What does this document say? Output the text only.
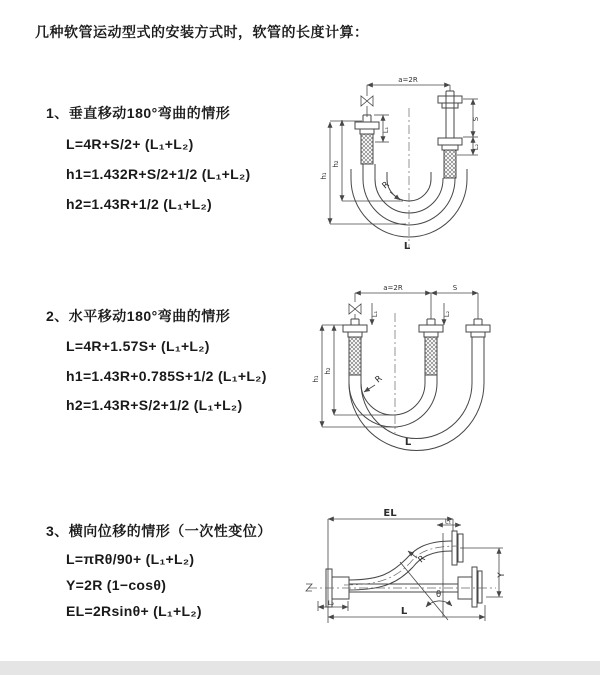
几种软管运动型式的安装方式时，软管的长度计算：
1、垂直移动180°弯曲的情形
L=4R+S/2+ (L₁+L₂)
h1=1.432R+S/2+1/2 (L₁+L₂)
h2=1.43R+1/2 (L₁+L₂)
a=2R
R
h₁
h₂
L₁
S
L₂
L
2、水平移动180°弯曲的情形
L=4R+1.57S+ (L₁+L₂)
h1=1.43R+0.785S+1/2 (L₁+L₂)
h2=1.43R+S/2+1/2 (L₁+L₂)
a=2R	S
h₁
h₂
L₁	L₂
R
L
3、横向位移的情形（一次性变位）
L=πRθ/90+ (L₁+L₂)
Y=2R (1−cosθ)
EL=2Rsinθ+ (L₁+L₂)
EL
L₁
Y
R
θ
L
L₂
